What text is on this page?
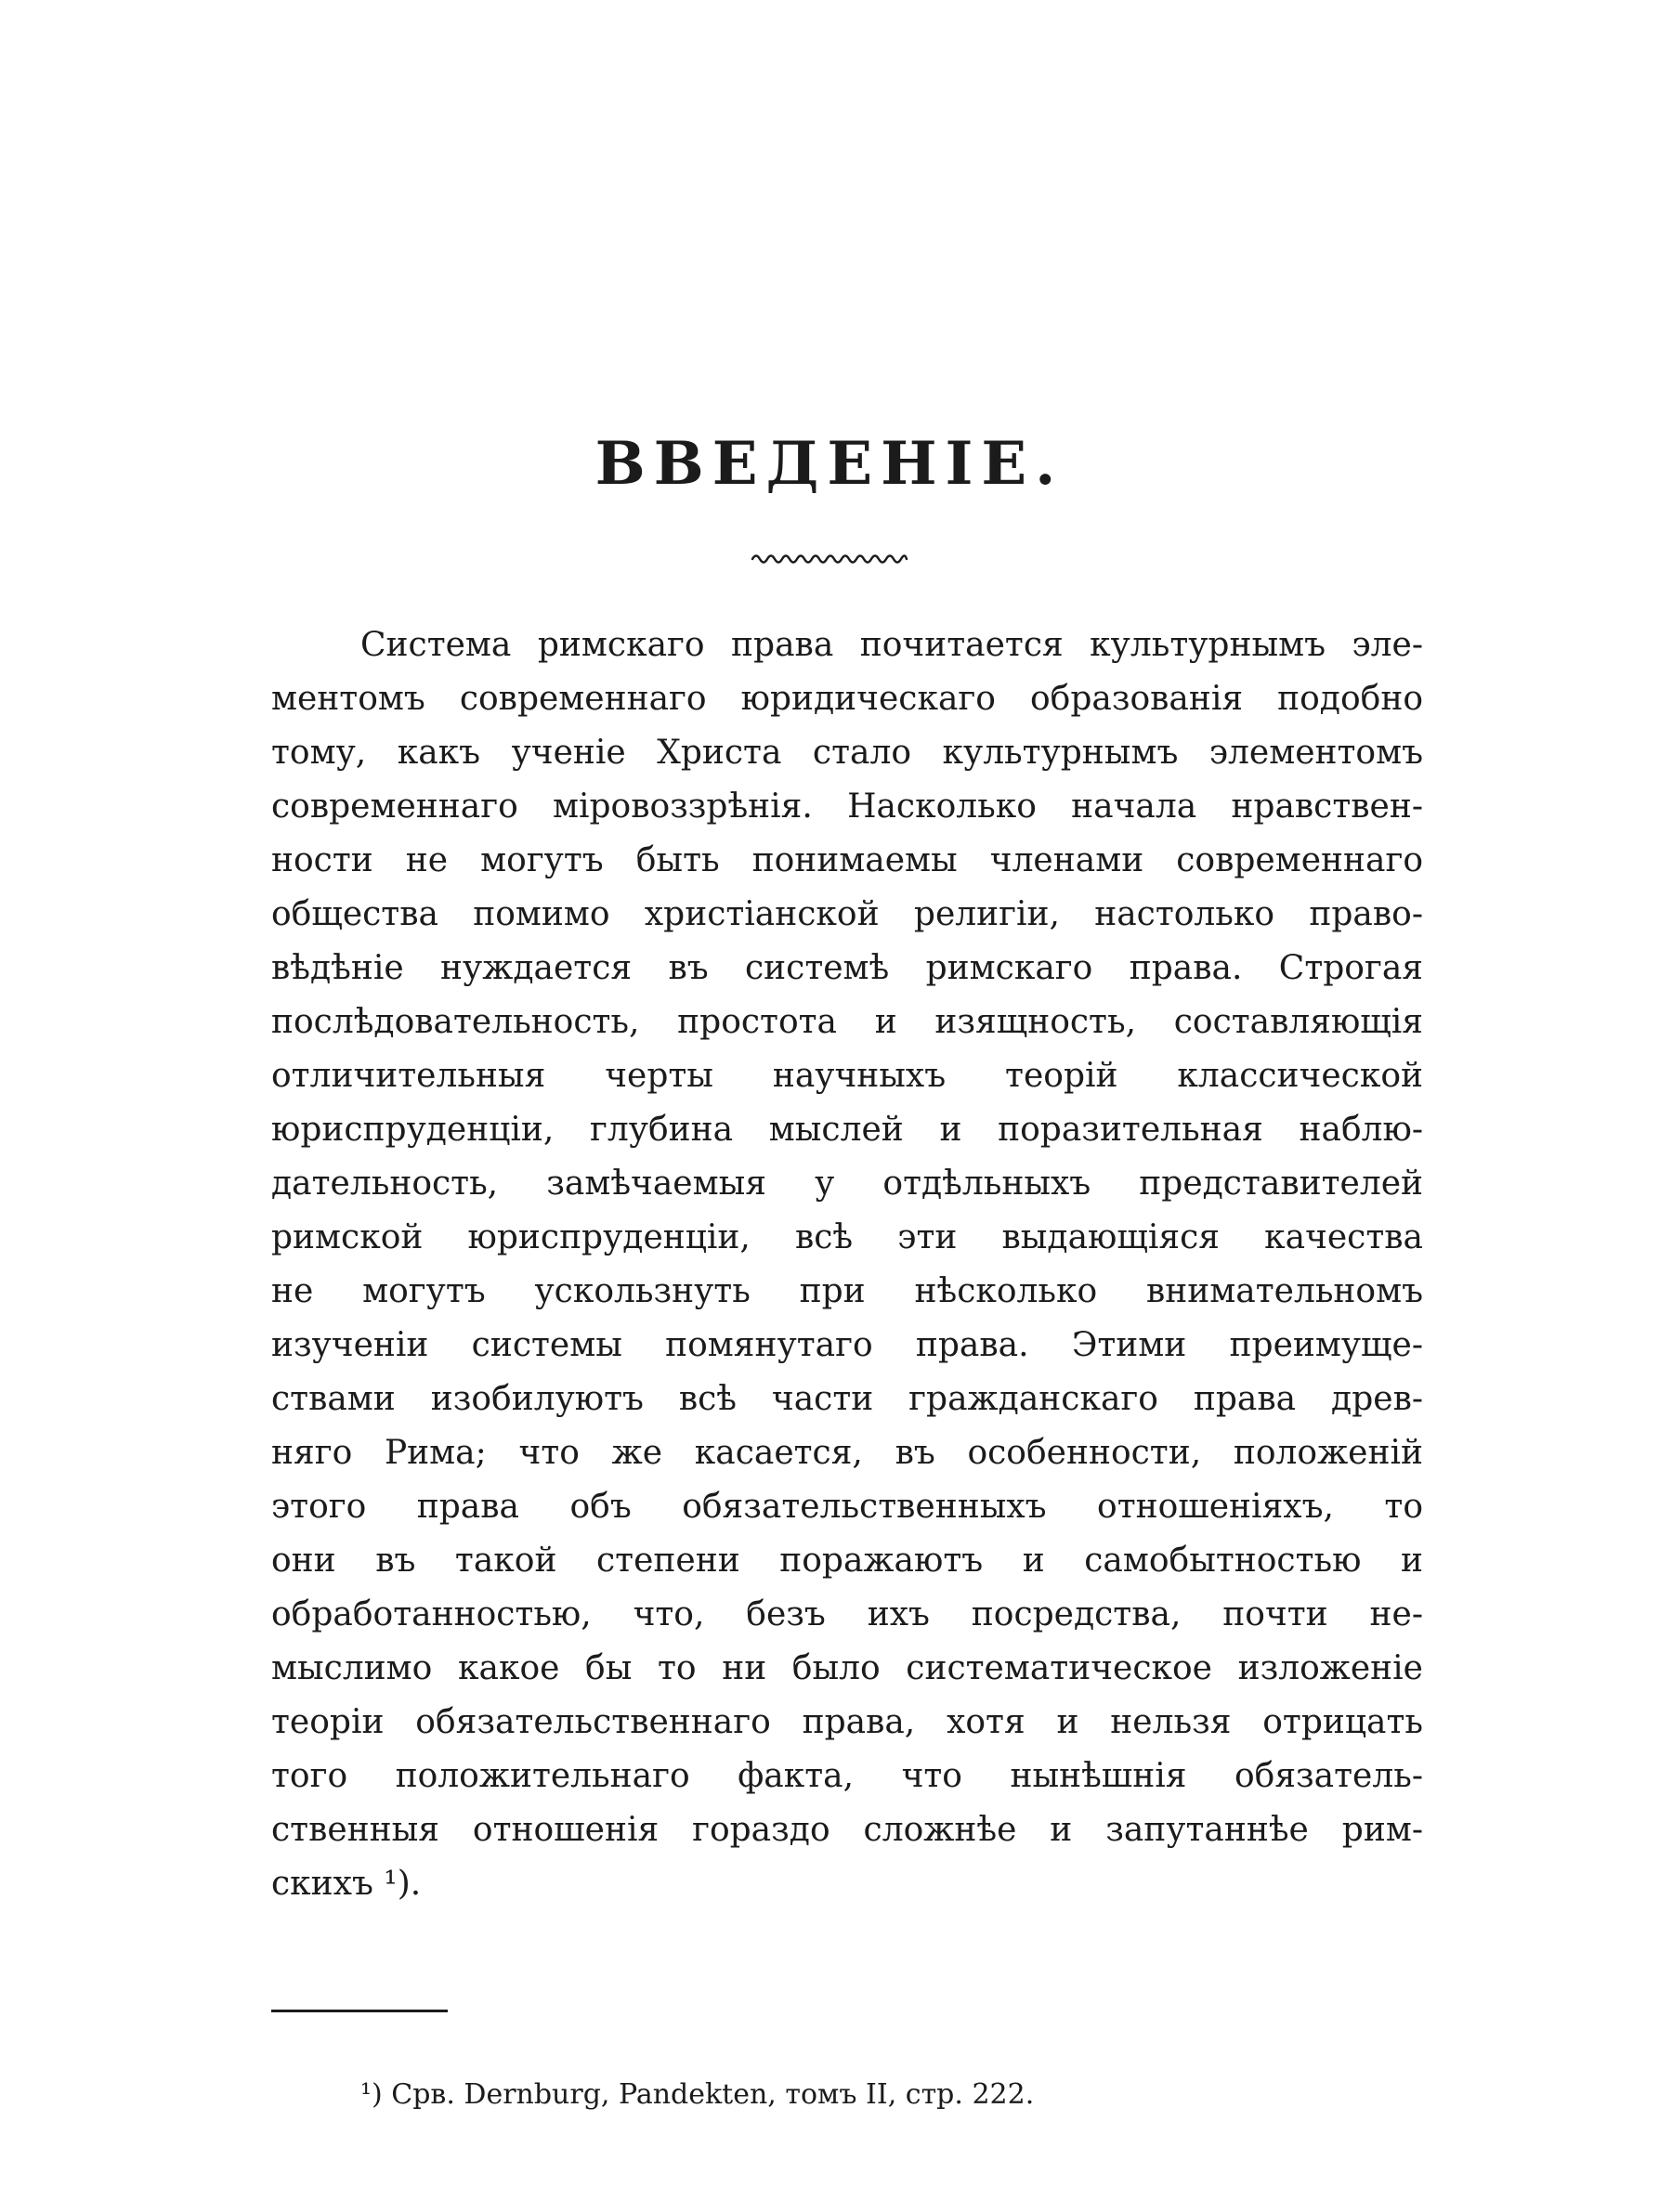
ВВЕДЕНІЕ.
Система римскаго права почитается культурнымъ эле-
ментомъ современнаго юридическаго образованія подобно
тому, какъ ученіе Христа стало культурнымъ элементомъ
современнаго міровоззрѣнія. Насколько начала нравствен-
ности не могутъ быть понимаемы членами современнаго
общества помимо христіанской религіи, настолько право-
вѣдѣніе нуждается въ системѣ римскаго права. Строгая
послѣдовательность, простота и изящность, составляющія
отличительныя черты научныхъ теорій классической
юриспруденціи, глубина мыслей и поразительная наблю-
дательность, замѣчаемыя у отдѣльныхъ представителей
римской юриспруденціи, всѣ эти выдающіяся качества
не могутъ ускользнуть при нѣсколько внимательномъ
изученіи системы помянутаго права. Этими преимуще-
ствами изобилуютъ всѣ части гражданскаго права древ-
няго Рима; что же касается, въ особенности, положеній
этого права объ обязательственныхъ отношеніяхъ, то
они въ такой степени поражаютъ и самобытностью и
обработанностью, что, безъ ихъ посредства, почти не-
мыслимо какое бы то ни было систематическое изложеніе
теоріи обязательственнаго права, хотя и нельзя отрицать
того положительнаго факта, что нынѣшнія обязатель-
ственныя отношенія гораздо сложнѣе и запутаннѣе рим-
скихъ ¹).
¹) Срв. Dernburg, Pandekten, томъ II, стр. 222.
